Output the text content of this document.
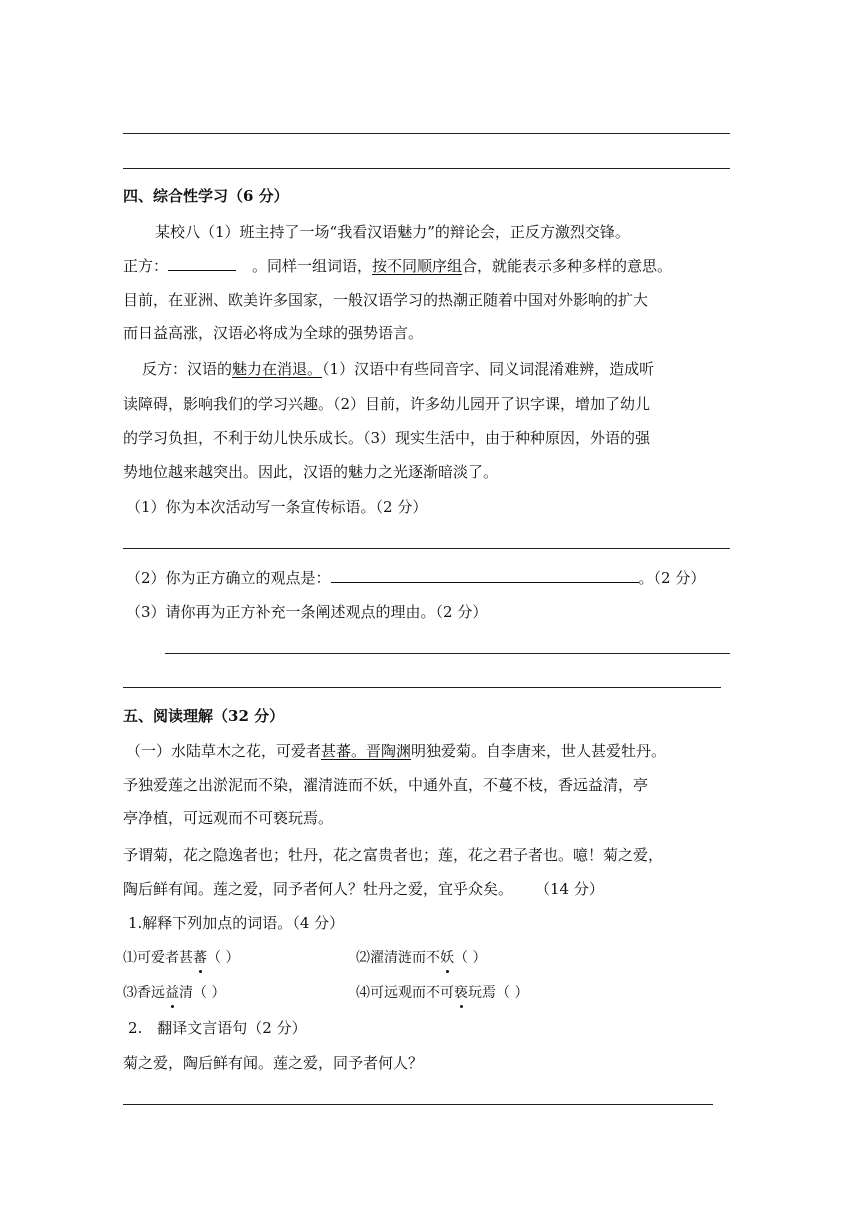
四、综合性学习（6 分）
某校八（1）班主持了一场“我看汉语魅力”的辩论会，正反方激烈交锋。
正方：	。同样一组词语，按不同顺序组合，就能表示多种多样的意思。
目前，在亚洲、欧美许多国家，一般汉语学习的热潮正随着中国对外影响的扩大
而日益高涨，汉语必将成为全球的强势语言。
反方：汉语的魅力在消退。（1）汉语中有些同音字、同义词混淆难辨，造成听
读障碍，影响我们的学习兴趣。（2）目前，许多幼儿园开了识字课，增加了幼儿
的学习负担，不利于幼儿快乐成长。（3）现实生活中，由于种种原因，外语的强
势地位越来越突出。因此，汉语的魅力之光逐渐暗淡了。
（1）你为本次活动写一条宣传标语。（2 分）
（2）你为正方确立的观点是：	。（2 分）
（3）请你再为正方补充一条阐述观点的理由。（2 分）
五、阅读理解（32 分）
（一）水陆草木之花，可爱者甚蕃。晋陶渊明独爱菊。自李唐来，世人甚爱牡丹。
予独爱莲之出淤泥而不染，濯清涟而不妖，中通外直，不蔓不枝，香远益清，亭
亭净植，可远观而不可亵玩焉。
予谓菊，花之隐逸者也；牡丹，花之富贵者也；莲，花之君子者也。噫！菊之爱，
陶后鲜有闻。莲之爱，同予者何人？牡丹之爱，宜乎众矣。 （14 分）
1.解释下列加点的词语。（4 分）
⑴可爱者甚蕃（ ）	⑵濯清涟而不妖（ ）
⑶香远益清（ ）	⑷可远观而不可亵玩焉（ ）
2.　翻译文言语句（2 分）
菊之爱，陶后鲜有闻。莲之爱，同予者何人？
